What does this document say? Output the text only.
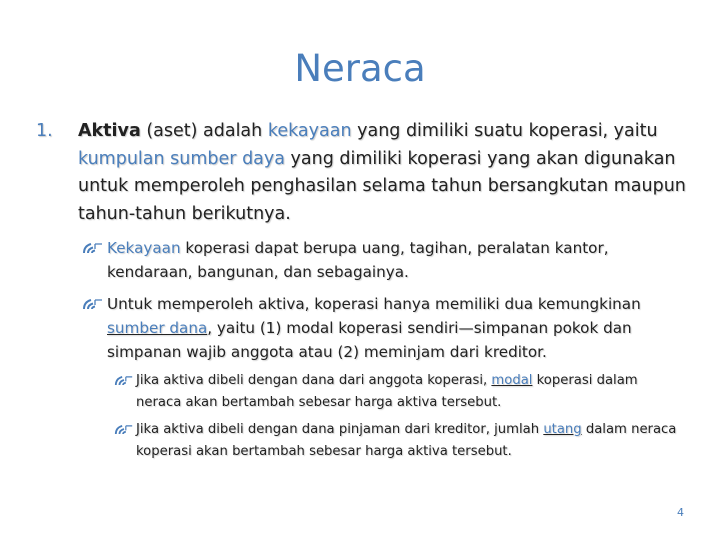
Neraca
1. Aktiva (aset) adalah kekayaan yang dimiliki suatu koperasi, yaitu kumpulan sumber daya yang dimiliki koperasi yang akan digunakan untuk memperoleh penghasilan selama tahun bersangkutan maupun tahun-tahun berikutnya.
Kekayaan koperasi dapat berupa uang, tagihan, peralatan kantor, kendaraan, bangunan, dan sebagainya.
Untuk memperoleh aktiva, koperasi hanya memiliki dua kemungkinan sumber dana, yaitu (1) modal koperasi sendiri—simpanan pokok dan simpanan wajib anggota atau (2) meminjam dari kreditor.
Jika aktiva dibeli dengan dana dari anggota koperasi, modal koperasi dalam neraca akan bertambah sebesar harga aktiva tersebut.
Jika aktiva dibeli dengan dana pinjaman dari kreditor, jumlah utang dalam neraca koperasi akan bertambah sebesar harga aktiva tersebut.
4
